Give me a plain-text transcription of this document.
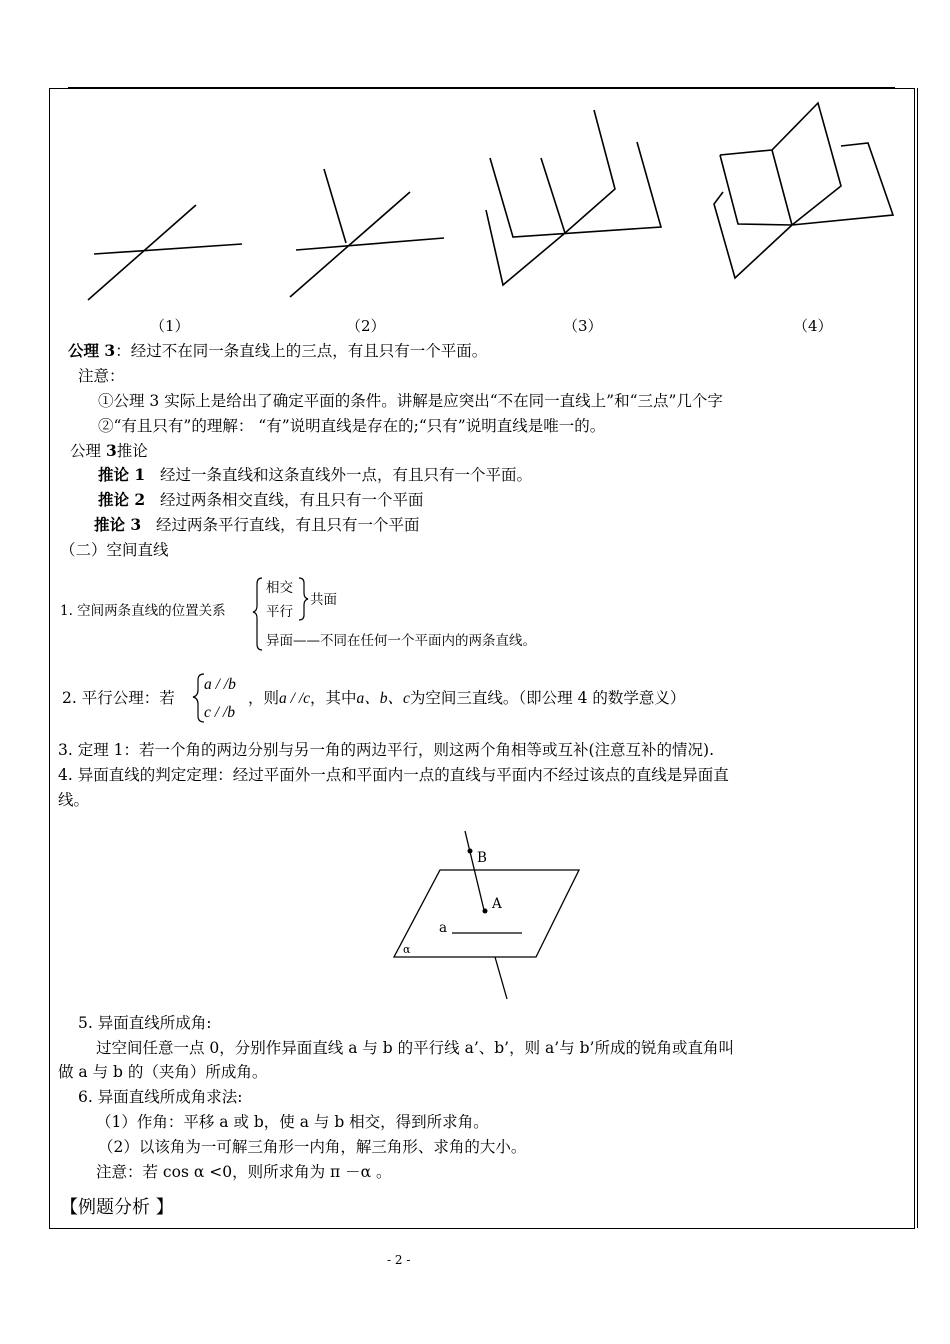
（1）	（2）	（3）	（4）
公理 3：经过不在同一条直线上的三点，有且只有一个平面。
注意：
①公理 3 实际上是给出了确定平面的条件。讲解是应突出“不在同一直线上”和“三点”几个字
②“有且只有”的理解： “有”说明直线是存在的;“只有”说明直线是唯一的。
公理 3推论
推论 1 经过一条直线和这条直线外一点，有且只有一个平面。
推论 2 经过两条相交直线，有且只有一个平面
推论 3 经过两条平行直线，有且只有一个平面
（二）空间直线
1. 空间两条直线的位置关系
相交
平行
共面
异面——不同在任何一个平面内的两条直线。
2. 平行公理：若
a / /b
c / /b
，则a / /c，其中a、b、c为空间三直线。（即公理 4 的数学意义）
3. 定理 1：若一个角的两边分别与另一角的两边平行，则这两个角相等或互补(注意互补的情况).
4. 异面直线的判定定理：经过平面外一点和平面内一点的直线与平面内不经过该点的直线是异面直
线。
B
A
a
α
5. 异面直线所成角:
过空间任意一点 0，分别作异面直线 a 与 b 的平行线 a’、b’，则 a’与 b’所成的锐角或直角叫
做 a 与 b 的（夹角）所成角。
6. 异面直线所成角求法:
（1）作角：平移 a 或 b，使 a 与 b 相交，得到所求角。
（2）以该角为一可解三角形一内角，解三角形、求角的大小。
注意：若 cos α <0，则所求角为 π －α 。
【例题分析 】
- 2 -
